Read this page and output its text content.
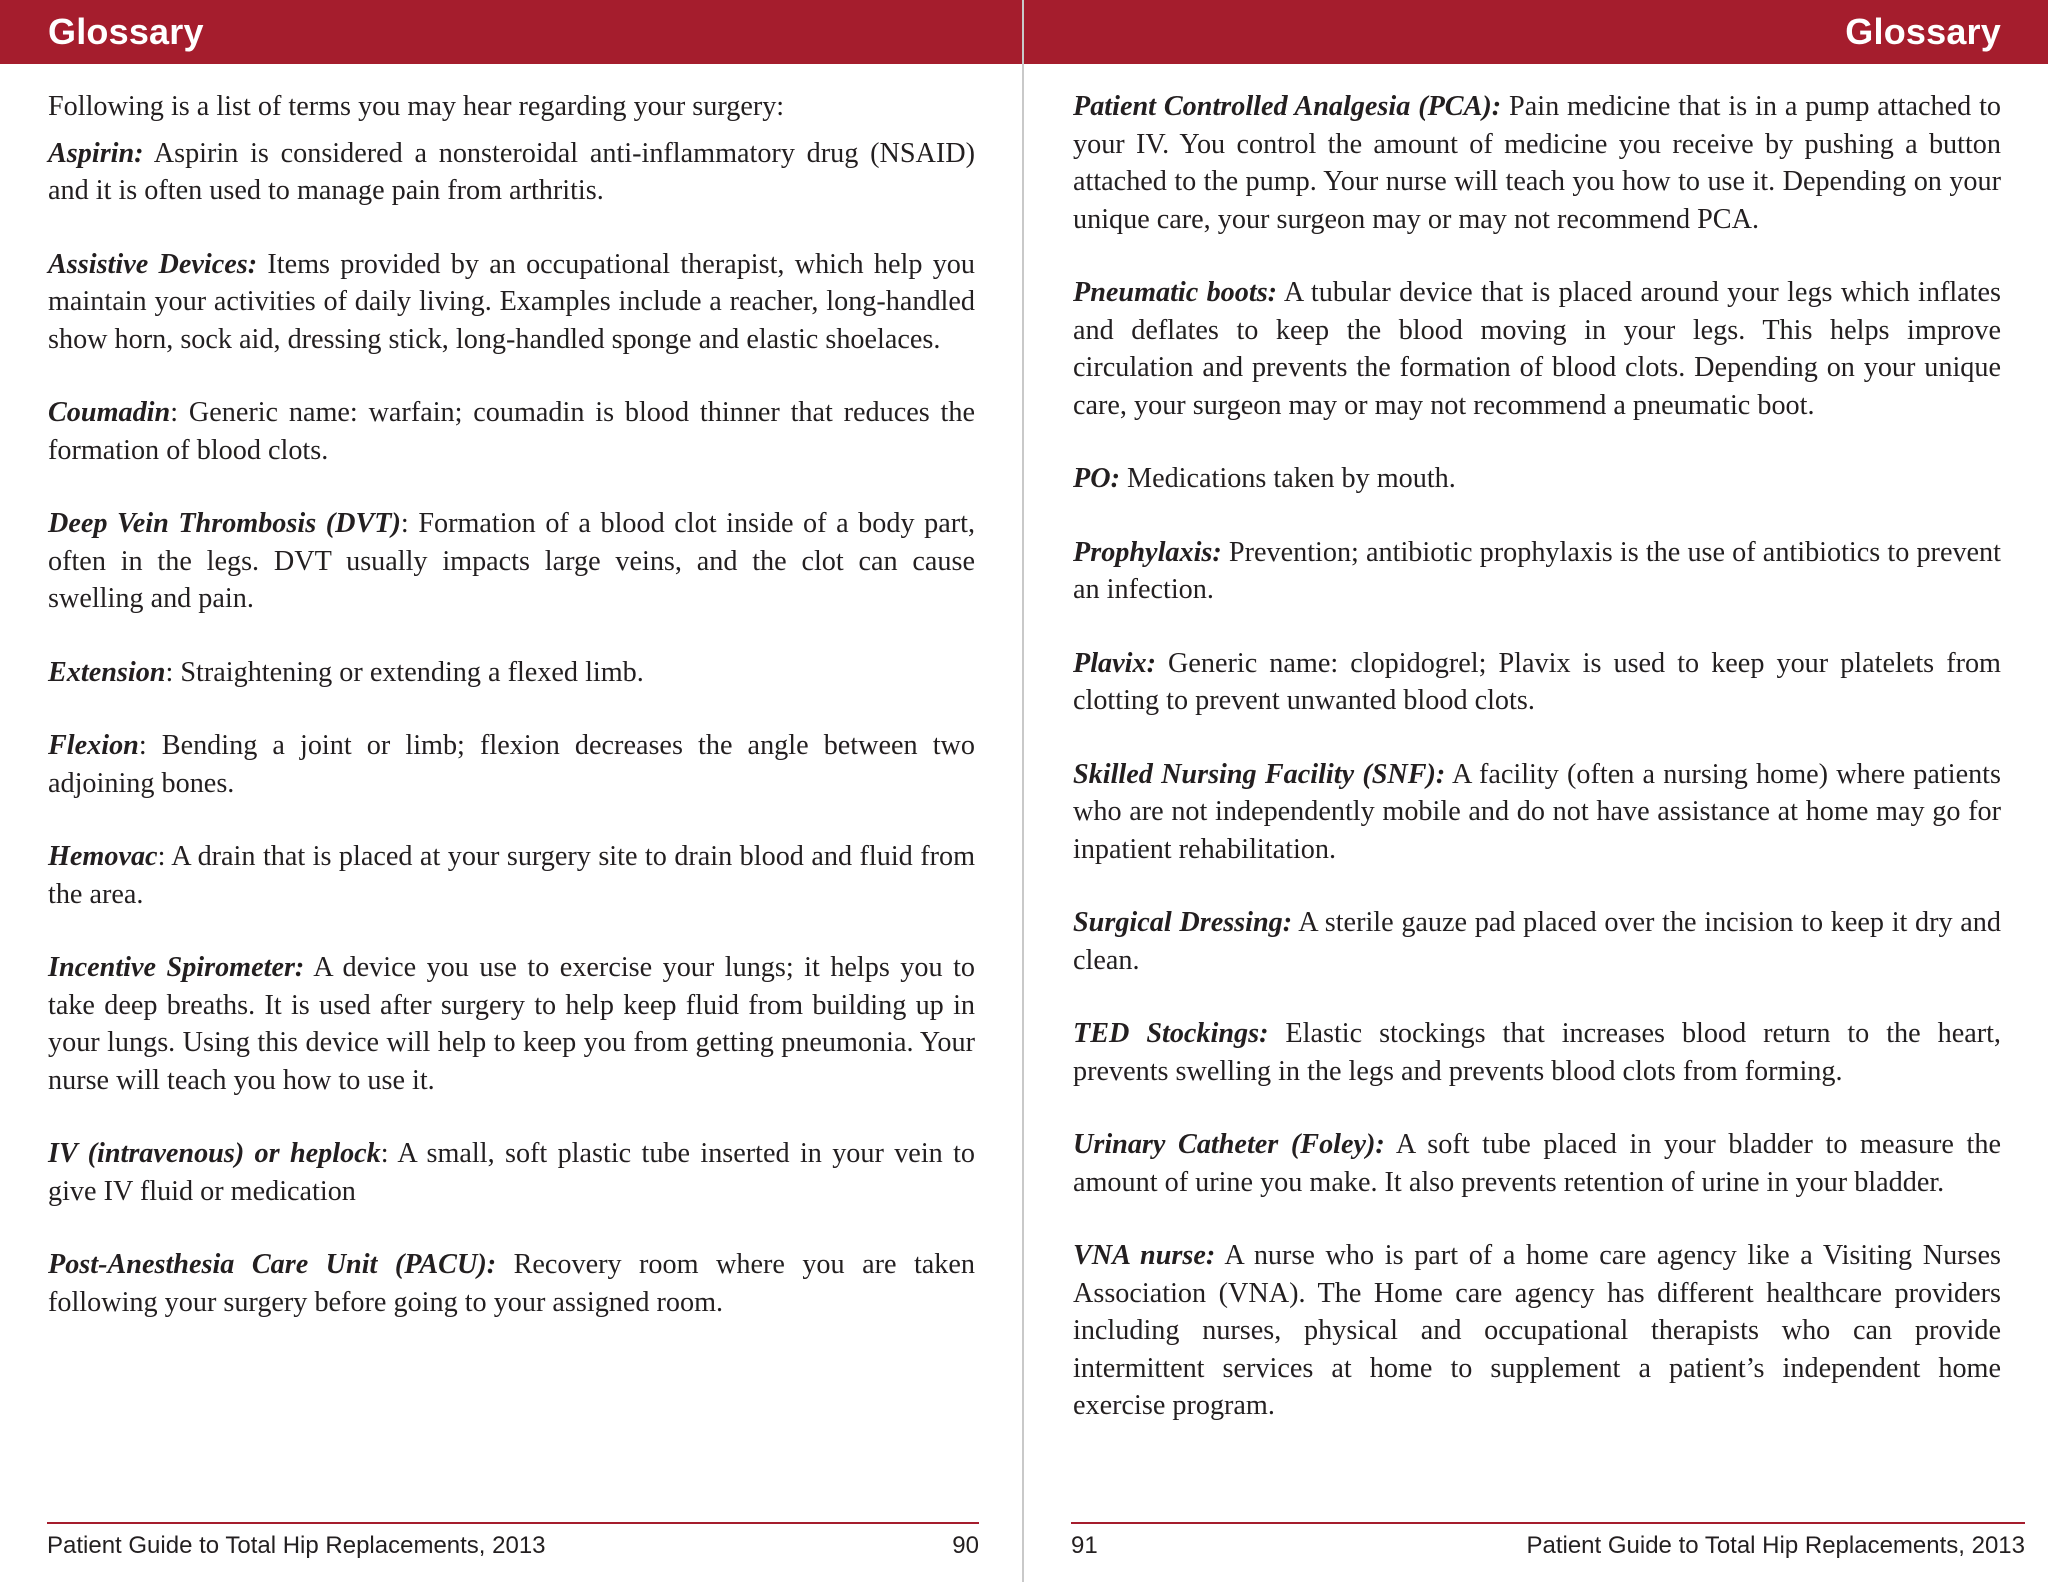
Glossary

Following is a list of terms you may hear regarding your surgery:

Aspirin: Aspirin is considered a nonsteroidal anti-inflammatory drug (NSAID) and it is often used to manage pain from arthritis.

Assistive Devices: Items provided by an occupational therapist, which help you maintain your activities of daily living. Examples include a reacher, long-handled show horn, sock aid, dressing stick, long-handled sponge and elastic shoelaces.

Coumadin: Generic name: warfain; coumadin is blood thinner that reduces the formation of blood clots.

Deep Vein Thrombosis (DVT): Formation of a blood clot inside of a body part, often in the legs. DVT usually impacts large veins, and the clot can cause swelling and pain.

Extension: Straightening or extending a flexed limb.

Flexion: Bending a joint or limb; flexion decreases the angle between two adjoining bones.

Hemovac: A drain that is placed at your surgery site to drain blood and fluid from the area.

Incentive Spirometer: A device you use to exercise your lungs; it helps you to take deep breaths. It is used after surgery to help keep fluid from building up in your lungs. Using this device will help to keep you from getting pneumonia. Your nurse will teach you how to use it.

IV (intravenous) or heplock: A small, soft plastic tube inserted in your vein to give IV fluid or medication

Post-Anesthesia Care Unit (PACU): Recovery room where you are taken following your surgery before going to your assigned room.

Patient Guide to Total Hip Replacements, 2013	90
Glossary

Patient Controlled Analgesia (PCA): Pain medicine that is in a pump attached to your IV. You control the amount of medicine you receive by pushing a button attached to the pump. Your nurse will teach you how to use it. Depending on your unique care, your surgeon may or may not recommend PCA.

Pneumatic boots: A tubular device that is placed around your legs which inflates and deflates to keep the blood moving in your legs. This helps improve circulation and prevents the formation of blood clots. Depending on your unique care, your surgeon may or may not recommend a pneumatic boot.

PO: Medications taken by mouth.

Prophylaxis: Prevention; antibiotic prophylaxis is the use of antibiotics to prevent an infection.

Plavix: Generic name: clopidogrel; Plavix is used to keep your platelets from clotting to prevent unwanted blood clots.

Skilled Nursing Facility (SNF): A facility (often a nursing home) where patients who are not independently mobile and do not have assistance at home may go for inpatient rehabilitation.

Surgical Dressing: A sterile gauze pad placed over the incision to keep it dry and clean.

TED Stockings: Elastic stockings that increases blood return to the heart, prevents swelling in the legs and prevents blood clots from forming.

Urinary Catheter (Foley): A soft tube placed in your bladder to measure the amount of urine you make. It also prevents retention of urine in your bladder.

VNA nurse: A nurse who is part of a home care agency like a Visiting Nurses Association (VNA). The Home care agency has different healthcare providers including nurses, physical and occupational therapists who can provide intermittent services at home to supplement a patient’s independent home exercise program.

91	Patient Guide to Total Hip Replacements, 2013
